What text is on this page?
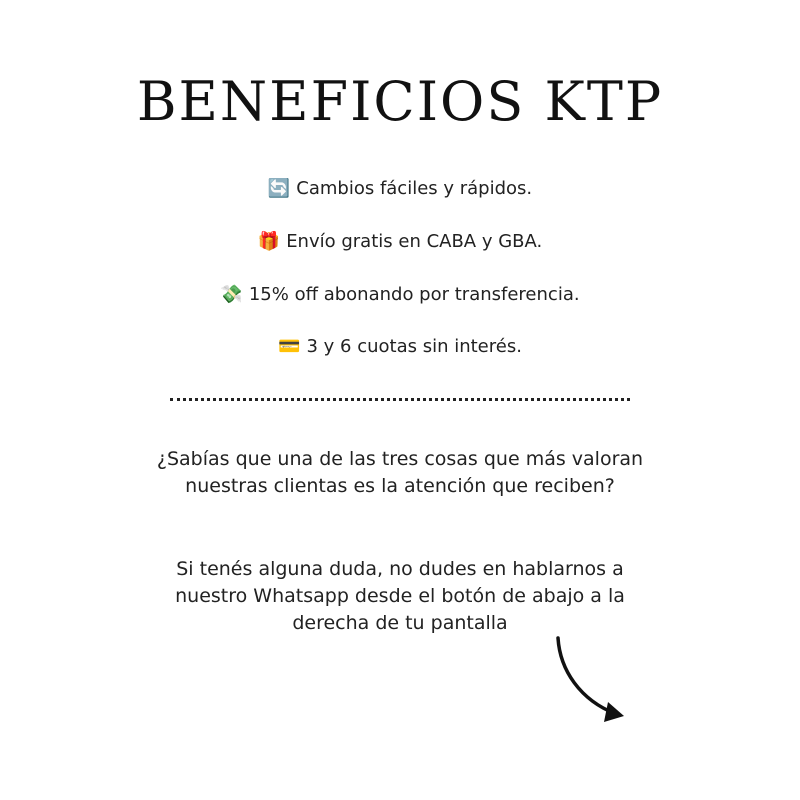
BENEFICIOS KTP
🔄 Cambios fáciles y rápidos.
🎁 Envío gratis en CABA y GBA.
💸 15% off abonando por transferencia.
💳 3 y 6 cuotas sin interés.
¿Sabías que una de las tres cosas que más valoran nuestras clientas es la atención que reciben?
Si tenés alguna duda, no dudes en hablarnos a nuestro Whatsapp desde el botón de abajo a la derecha de tu pantalla
